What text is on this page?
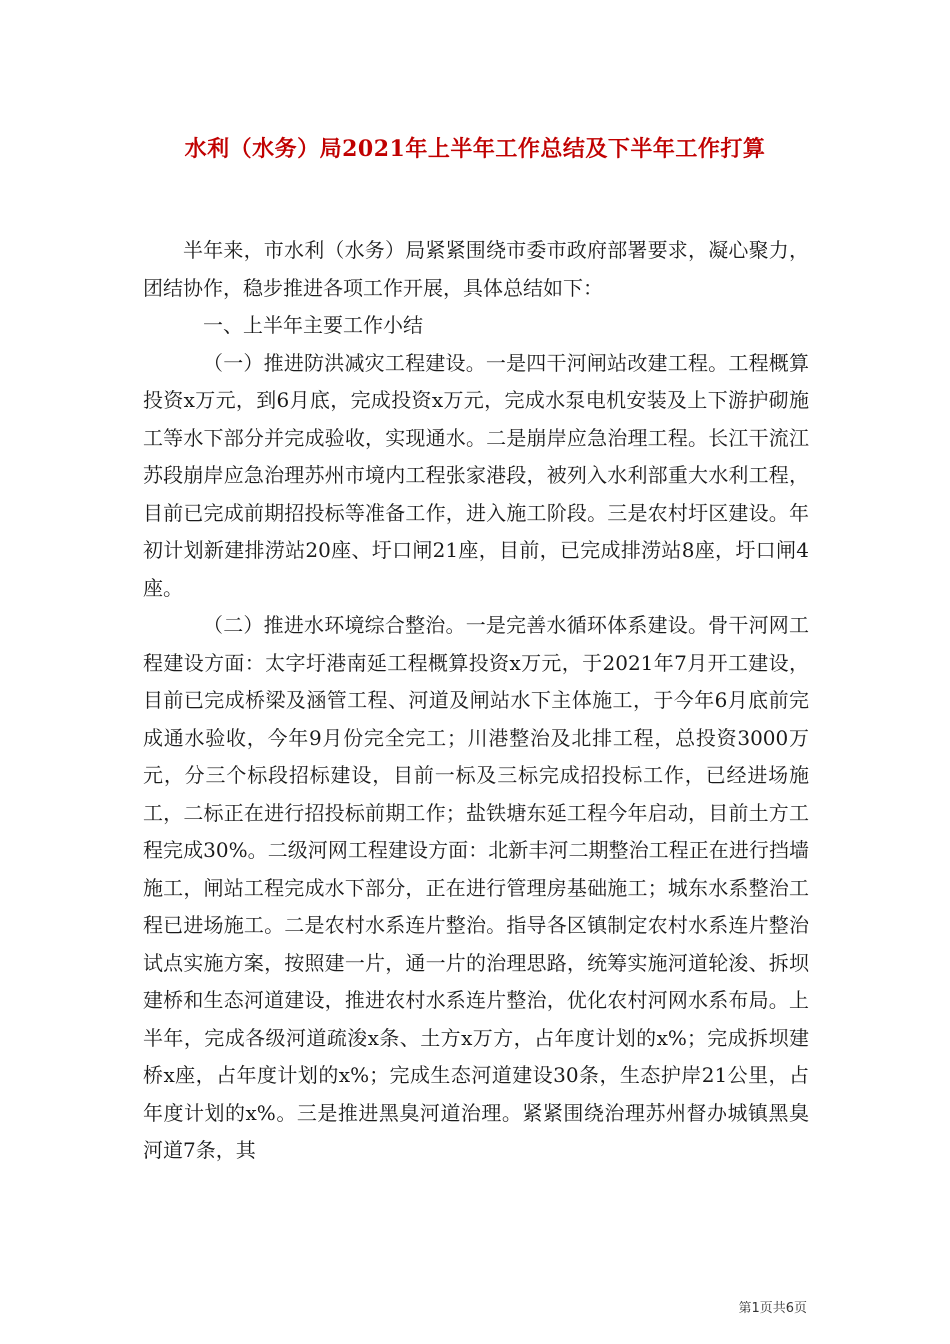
水利（水务）局2021年上半年工作总结及下半年工作打算

半年来，市水利（水务）局紧紧围绕市委市政府部署要求，凝心聚力，团结协作，稳步推进各项工作开展，具体总结如下：

一、上半年主要工作小结

（一）推进防洪减灾工程建设。一是四干河闸站改建工程。工程概算投资x万元，到6月底，完成投资x万元，完成水泵电机安装及上下游护砌施工等水下部分并完成验收，实现通水。二是崩岸应急治理工程。长江干流江苏段崩岸应急治理苏州市境内工程张家港段，被列入水利部重大水利工程，目前已完成前期招投标等准备工作，进入施工阶段。三是农村圩区建设。年初计划新建排涝站20座、圩口闸21座，目前，已完成排涝站8座，圩口闸4座。

（二）推进水环境综合整治。一是完善水循环体系建设。骨干河网工程建设方面：太字圩港南延工程概算投资x万元，于2021年7月开工建设，目前已完成桥梁及涵管工程、河道及闸站水下主体施工，于今年6月底前完成通水验收，今年9月份完全完工；川港整治及北排工程，总投资3000万元，分三个标段招标建设，目前一标及三标完成招投标工作，已经进场施工，二标正在进行招投标前期工作；盐铁塘东延工程今年启动，目前土方工程完成30%。二级河网工程建设方面：北新丰河二期整治工程正在进行挡墙施工，闸站工程完成水下部分，正在进行管理房基础施工；城东水系整治工程已进场施工。二是农村水系连片整治。指导各区镇制定农村水系连片整治试点实施方案，按照建一片，通一片的治理思路，统筹实施河道轮浚、拆坝建桥和生态河道建设，推进农村水系连片整治，优化农村河网水系布局。上半年，完成各级河道疏浚x条、土方x万方，占年度计划的x%；完成拆坝建桥x座，占年度计划的x%；完成生态河道建设30条，生态护岸21公里，占年度计划的x%。三是推进黑臭河道治理。紧紧围绕治理苏州督办城镇黑臭河道7条，其

第1页共6页
